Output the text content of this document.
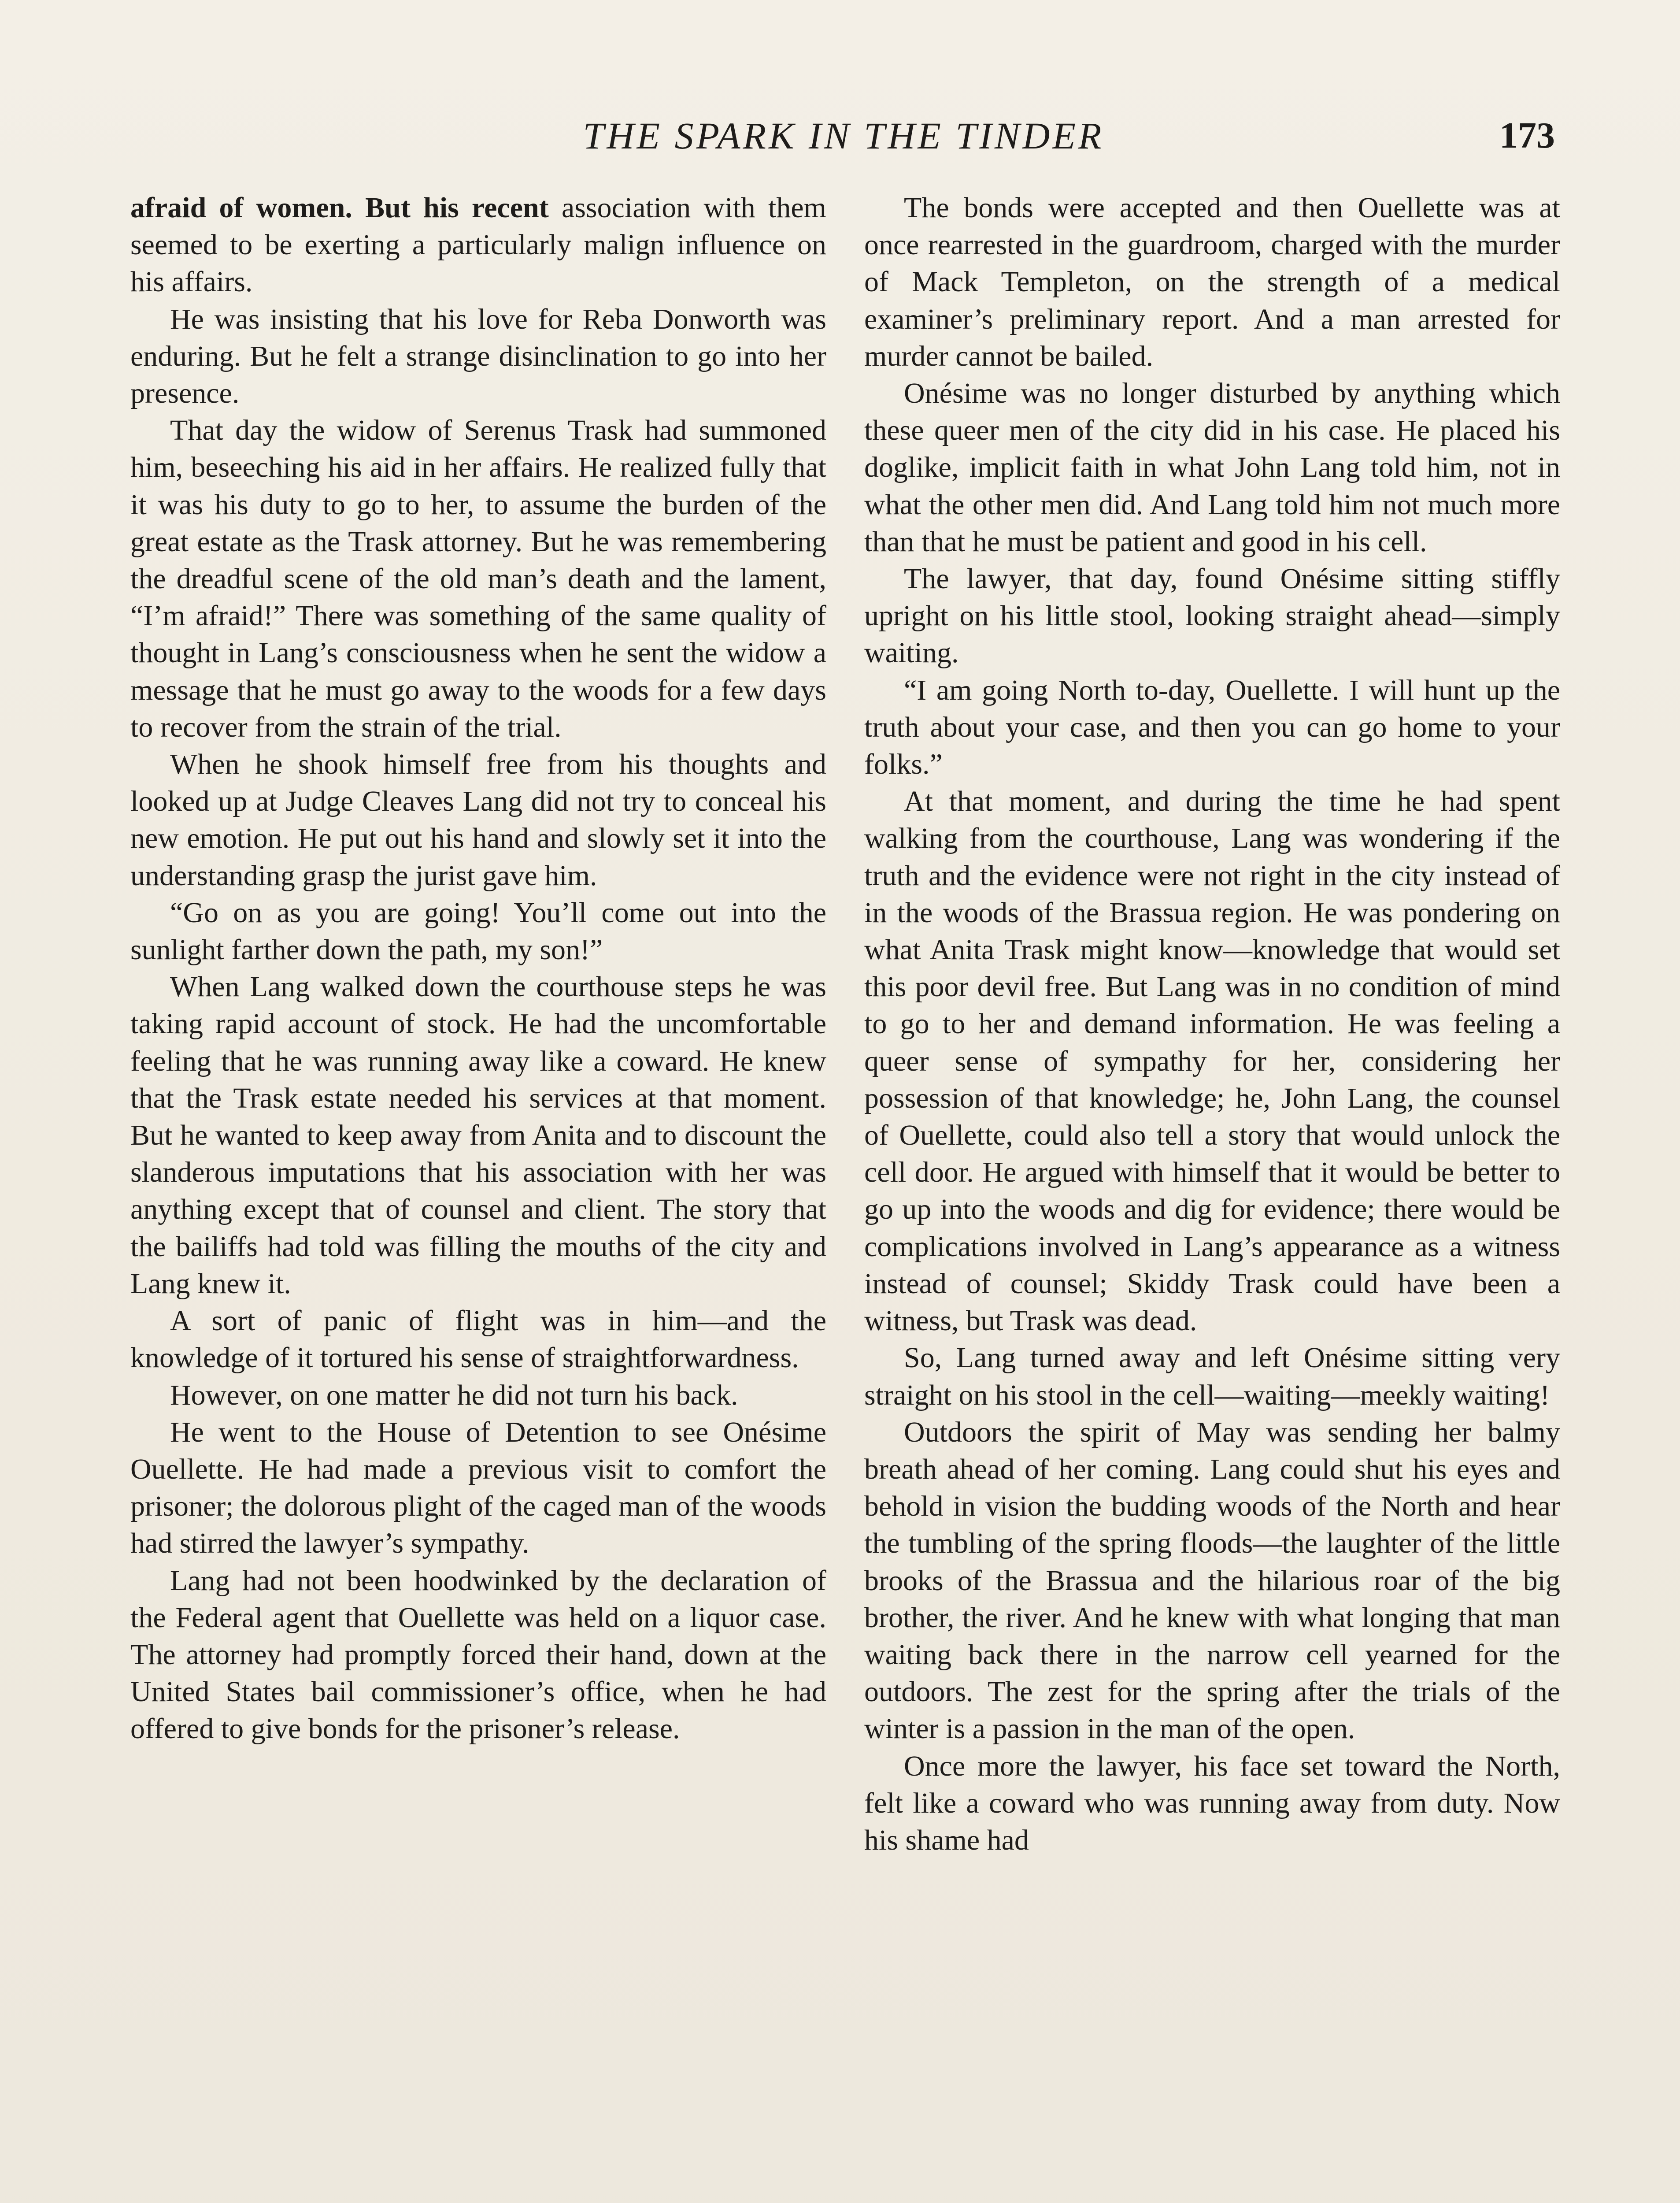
THE SPARK IN THE TINDER	173

afraid of women. But his recent association with them seemed to be exerting a particularly malign influence on his affairs.

He was insisting that his love for Reba Donworth was enduring. But he felt a strange disinclination to go into her presence.

That day the widow of Serenus Trask had summoned him, beseeching his aid in her affairs. He realized fully that it was his duty to go to her, to assume the burden of the great estate as the Trask attorney. But he was remembering the dreadful scene of the old man’s death and the lament, “I’m afraid!” There was something of the same quality of thought in Lang’s consciousness when he sent the widow a message that he must go away to the woods for a few days to recover from the strain of the trial.

When he shook himself free from his thoughts and looked up at Judge Cleaves Lang did not try to conceal his new emotion. He put out his hand and slowly set it into the understanding grasp the jurist gave him.

“Go on as you are going! You’ll come out into the sunlight farther down the path, my son!”

When Lang walked down the courthouse steps he was taking rapid account of stock. He had the uncomfortable feeling that he was running away like a coward. He knew that the Trask estate needed his services at that moment. But he wanted to keep away from Anita and to discount the slanderous imputations that his association with her was anything except that of counsel and client. The story that the bailiffs had told was filling the mouths of the city and Lang knew it.

A sort of panic of flight was in him—and the knowledge of it tortured his sense of straightforwardness.

However, on one matter he did not turn his back.

He went to the House of Detention to see Onésime Ouellette. He had made a previous visit to comfort the prisoner; the dolorous plight of the caged man of the woods had stirred the lawyer’s sympathy.

Lang had not been hoodwinked by the declaration of the Federal agent that Ouellette was held on a liquor case. The attorney had promptly forced their hand, down at the United States bail commissioner’s office, when he had offered to give bonds for the prisoner’s release.

The bonds were accepted and then Ouellette was at once rearrested in the guardroom, charged with the murder of Mack Templeton, on the strength of a medical examiner’s preliminary report. And a man arrested for murder cannot be bailed.

Onésime was no longer disturbed by anything which these queer men of the city did in his case. He placed his doglike, implicit faith in what John Lang told him, not in what the other men did. And Lang told him not much more than that he must be patient and good in his cell.

The lawyer, that day, found Onésime sitting stiffly upright on his little stool, looking straight ahead—simply waiting.

“I am going North to-day, Ouellette. I will hunt up the truth about your case, and then you can go home to your folks.”

At that moment, and during the time he had spent walking from the courthouse, Lang was wondering if the truth and the evidence were not right in the city instead of in the woods of the Brassua region. He was pondering on what Anita Trask might know—knowledge that would set this poor devil free. But Lang was in no condition of mind to go to her and demand information. He was feeling a queer sense of sympathy for her, considering her possession of that knowledge; he, John Lang, the counsel of Ouellette, could also tell a story that would unlock the cell door. He argued with himself that it would be better to go up into the woods and dig for evidence; there would be complications involved in Lang’s appearance as a witness instead of counsel; Skiddy Trask could have been a witness, but Trask was dead.

So, Lang turned away and left Onésime sitting very straight on his stool in the cell—waiting—meekly waiting!

Outdoors the spirit of May was sending her balmy breath ahead of her coming. Lang could shut his eyes and behold in vision the budding woods of the North and hear the tumbling of the spring floods—the laughter of the little brooks of the Brassua and the hilarious roar of the big brother, the river. And he knew with what longing that man waiting back there in the narrow cell yearned for the outdoors. The zest for the spring after the trials of the winter is a passion in the man of the open.

Once more the lawyer, his face set toward the North, felt like a coward who was running away from duty. Now his shame had
